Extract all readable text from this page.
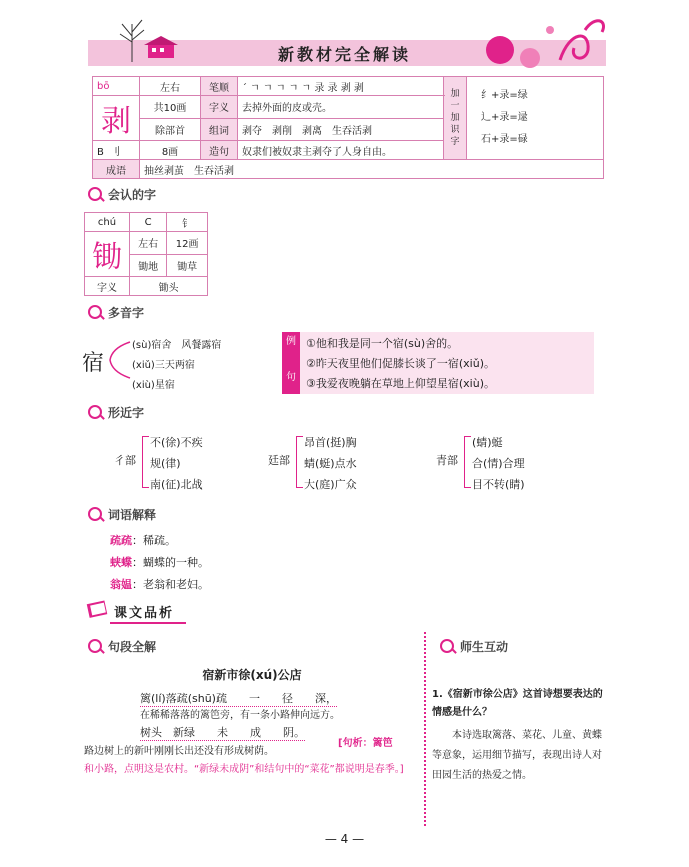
新教材完全解读
bō	左右	笔顺	ˊ ㄱ ㄱ ㄱ ㄱ ㄱ 录 录 剥 剥	加一加识字	纟+录=绿
辶+录=逯
石+录=碌

剥	共10画	字义	去掉外面的皮或壳。		
	除部首	组词	剥夺　剥削　剥离　生吞活剥		
B 刂	8画	造句	奴隶们被奴隶主剥夺了人身自由。		
成语	抽丝剥茧　生吞活剥				
会认的字
chú	C	钅
锄	左右	12画
	锄地	锄草
字义	锄头	
多音字
宿
(sù)宿舍　风餐露宿
(xiǔ)三天两宿
(xiù)星宿
例
句
①他和我是同一个宿(sù)舍的。
②昨天夜里他们促膝长谈了一宿(xiǔ)。
③我爱夜晚躺在草地上仰望星宿(xiù)。
形近字
彳部
不(徐)不疾
规(律)
南(征)北战
廷部
昂首(挺)胸
蜻(蜓)点水
大(庭)广众
青部
(蜻)蜓
合(情)合理
目不转(睛)
词语解释
疏疏：稀疏。
蛱蝶：蝴蝶的一种。
翁媪：老翁和老妇。
课文品析
句段全解
宿新市徐(xú)公店
篱(lí)落疏(shū)疏　　一　　径　　深，
在稀稀落落的篱笆旁，有一条小路伸向远方。
树头　新绿　　未　　成　　阴。
[句析：篱笆
路边树上的新叶刚刚长出还没有形成树荫。
和小路，点明这是农村。“新绿未成阴”和结句中的“菜花”都说明是春季。]
师生互动
1.《宿新市徐公店》这首诗想要表达的情感是什么？
本诗选取篱落、菜花、儿童、黄蝶等意象，运用细节描写，表现出诗人对田园生活的热爱之情。
— 4 —
